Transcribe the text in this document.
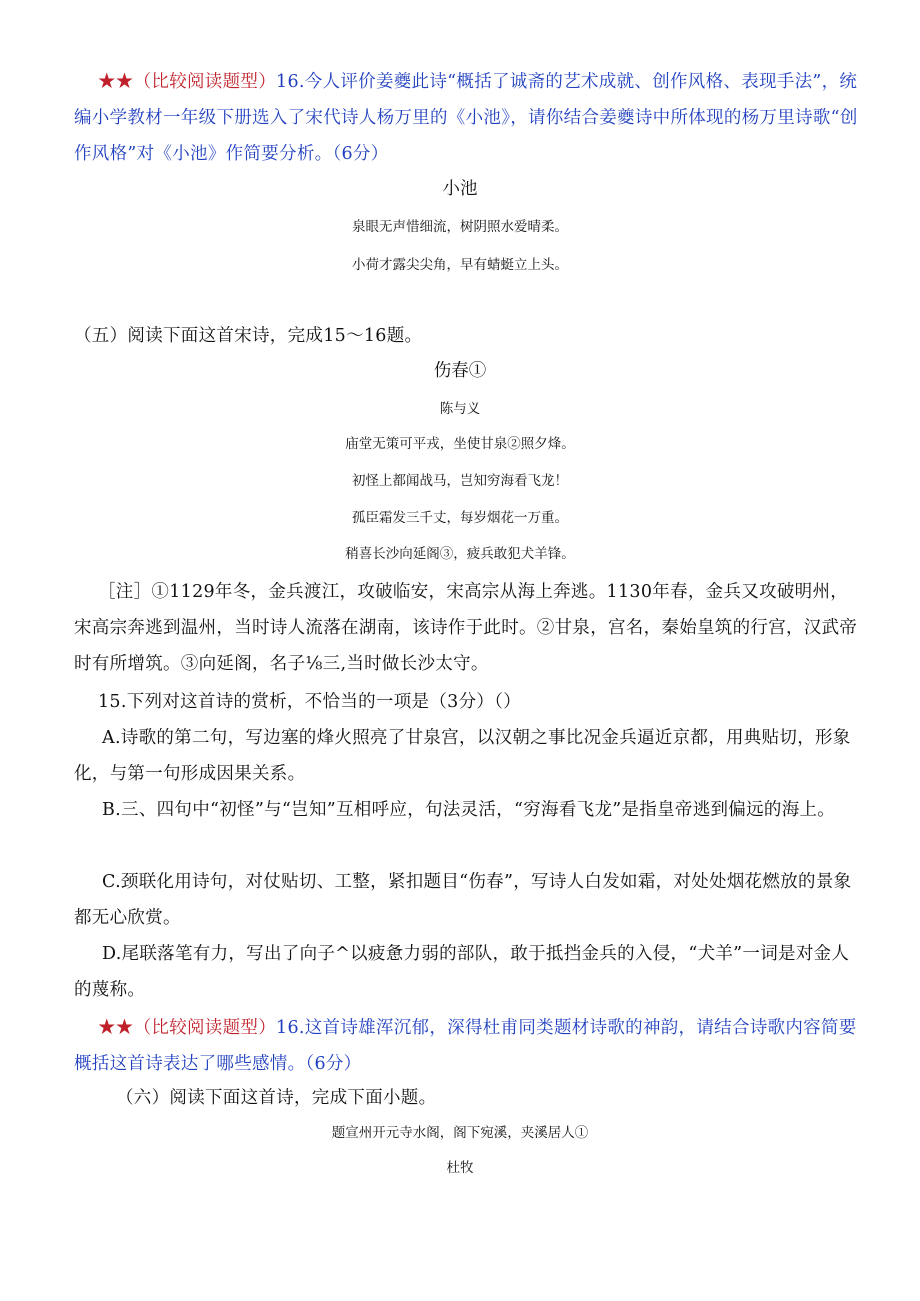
★★（比较阅读题型）16.今人评价姜夔此诗“概括了诚斋的艺术成就、创作风格、表现手法”，统编小学教材一年级下册选入了宋代诗人杨万里的《小池》，请你结合姜夔诗中所体现的杨万里诗歌“创作风格”对《小池》作简要分析。（6分）

小池

泉眼无声惜细流，树阴照水爱晴柔。

小荷才露尖尖角，早有蜻蜓立上头。

（五）阅读下面这首宋诗，完成15～16题。

伤春①

陈与义

庙堂无策可平戎，坐使甘泉②照夕烽。

初怪上都闻战马，岂知穷海看飞龙！

孤臣霜发三千丈，每岁烟花一万重。

稍喜长沙向延阁③，疲兵敢犯犬羊锋。

［注］①1129年冬，金兵渡江，攻破临安，宋高宗从海上奔逃。1130年春，金兵又攻破明州，宋高宗奔逃到温州，当时诗人流落在湖南，该诗作于此时。②甘泉，宫名，秦始皇筑的行宫，汉武帝时有所增筑。③向延阁，名子⅛三,当时做长沙太守。

15.下列对这首诗的赏析，不恰当的一项是（3分）（）

A.诗歌的第二句，写边塞的烽火照亮了甘泉宫，以汉朝之事比况金兵逼近京都，用典贴切，形象化，与第一句形成因果关系。

B.三、四句中“初怪”与“岂知”互相呼应，句法灵活，“穷海看飞龙”是指皇帝逃到偏远的海上。

C.颈联化用诗句，对仗贴切、工整，紧扣题目“伤春”，写诗人白发如霜，对处处烟花燃放的景象都无心欣赏。

D.尾联落笔有力，写出了向子^以疲惫力弱的部队，敢于抵挡金兵的入侵，“犬羊”一词是对金人的蔑称。

★★（比较阅读题型）16.这首诗雄浑沉郁，深得杜甫同类题材诗歌的神韵，请结合诗歌内容简要概括这首诗表达了哪些感情。（6分）

（六）阅读下面这首诗，完成下面小题。

题宣州开元寺水阁，阁下宛溪，夹溪居人①

杜牧
